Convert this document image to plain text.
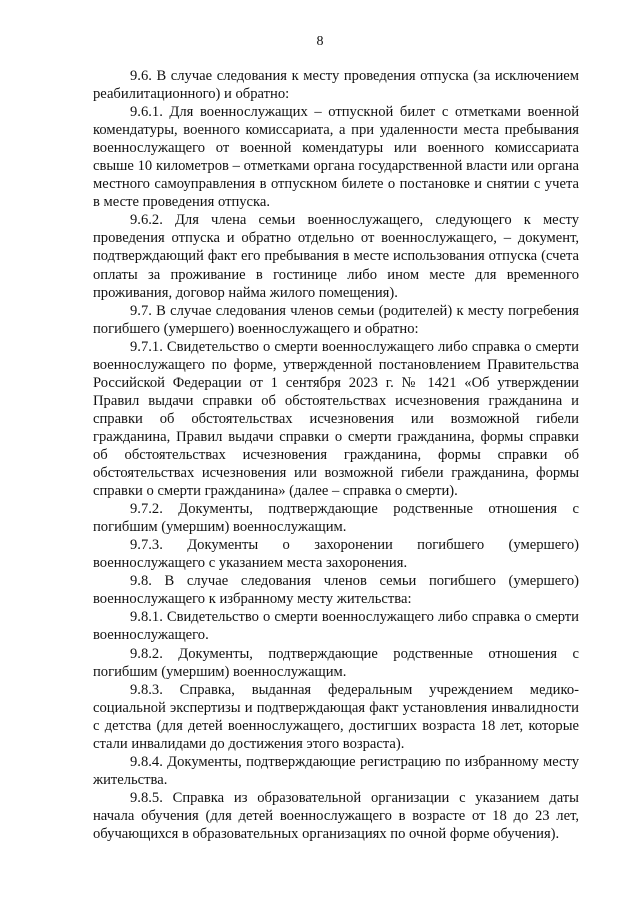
8

9.6. В случае следования к месту проведения отпуска (за исключением реабилитационного) и обратно:

9.6.1. Для военнослужащих – отпускной билет с отметками военной комендатуры, военного комиссариата, а при удаленности места пребывания военнослужащего от военной комендатуры или военного комиссариата свыше 10 километров – отметками органа государственной власти или органа местного самоуправления в отпускном билете о постановке и снятии с учета в месте проведения отпуска.

9.6.2. Для члена семьи военнослужащего, следующего к месту проведения отпуска и обратно отдельно от военнослужащего, – документ, подтверждающий факт его пребывания в месте использования отпуска (счета оплаты за проживание в гостинице либо ином месте для временного проживания, договор найма жилого помещения).

9.7. В случае следования членов семьи (родителей) к месту погребения погибшего (умершего) военнослужащего и обратно:

9.7.1. Свидетельство о смерти военнослужащего либо справка о смерти военнослужащего по форме, утвержденной постановлением Правительства Российской Федерации от 1 сентября 2023 г. № 1421 «Об утверждении Правил выдачи справки об обстоятельствах исчезновения гражданина и справки об обстоятельствах исчезновения или возможной гибели гражданина, Правил выдачи справки о смерти гражданина, формы справки об обстоятельствах исчезновения гражданина, формы справки об обстоятельствах исчезновения или возможной гибели гражданина, формы справки о смерти гражданина» (далее – справка о смерти).

9.7.2. Документы, подтверждающие родственные отношения с погибшим (умершим) военнослужащим.

9.7.3. Документы о захоронении погибшего (умершего) военнослужащего с указанием места захоронения.

9.8. В случае следования членов семьи погибшего (умершего) военнослужащего к избранному месту жительства:

9.8.1. Свидетельство о смерти военнослужащего либо справка о смерти военнослужащего.

9.8.2. Документы, подтверждающие родственные отношения с погибшим (умершим) военнослужащим.

9.8.3. Справка, выданная федеральным учреждением медико-социальной экспертизы и подтверждающая факт установления инвалидности с детства (для детей военнослужащего, достигших возраста 18 лет, которые стали инвалидами до достижения этого возраста).

9.8.4. Документы, подтверждающие регистрацию по избранному месту жительства.

9.8.5. Справка из образовательной организации с указанием даты начала обучения (для детей военнослужащего в возрасте от 18 до 23 лет, обучающихся в образовательных организациях по очной форме обучения).
